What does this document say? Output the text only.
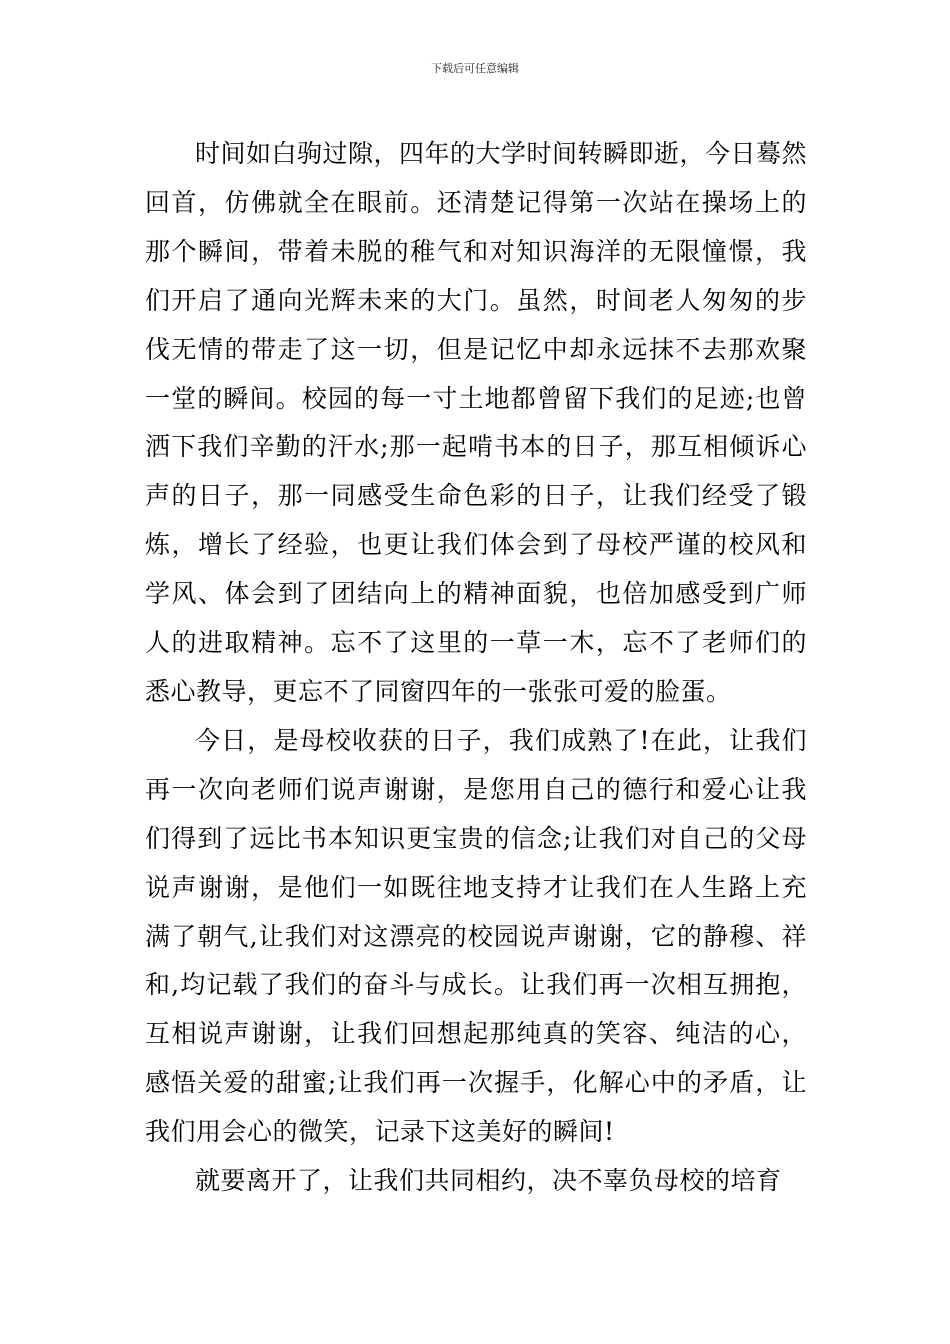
下载后可任意编辑

时间如白驹过隙，四年的大学时间转瞬即逝，今日蓦然回首，仿佛就全在眼前。还清楚记得第一次站在操场上的那个瞬间，带着未脱的稚气和对知识海洋的无限憧憬，我们开启了通向光辉未来的大门。虽然，时间老人匆匆的步伐无情的带走了这一切，但是记忆中却永远抹不去那欢聚一堂的瞬间。校园的每一寸土地都曾留下我们的足迹;也曾洒下我们辛勤的汗水;那一起啃书本的日子，那互相倾诉心声的日子，那一同感受生命色彩的日子，让我们经受了锻炼，增长了经验，也更让我们体会到了母校严谨的校风和学风、体会到了团结向上的精神面貌，也倍加感受到广师人的进取精神。忘不了这里的一草一木，忘不了老师们的悉心教导，更忘不了同窗四年的一张张可爱的脸蛋。

今日，是母校收获的日子，我们成熟了!在此，让我们再一次向老师们说声谢谢，是您用自己的德行和爱心让我们得到了远比书本知识更宝贵的信念;让我们对自己的父母说声谢谢，是他们一如既往地支持才让我们在人生路上充满了朝气,让我们对这漂亮的校园说声谢谢，它的静穆、祥和,均记载了我们的奋斗与成长。让我们再一次相互拥抱，互相说声谢谢，让我们回想起那纯真的笑容、纯洁的心，感悟关爱的甜蜜;让我们再一次握手，化解心中的矛盾，让我们用会心的微笑，记录下这美好的瞬间!

就要离开了，让我们共同相约，决不辜负母校的培育
